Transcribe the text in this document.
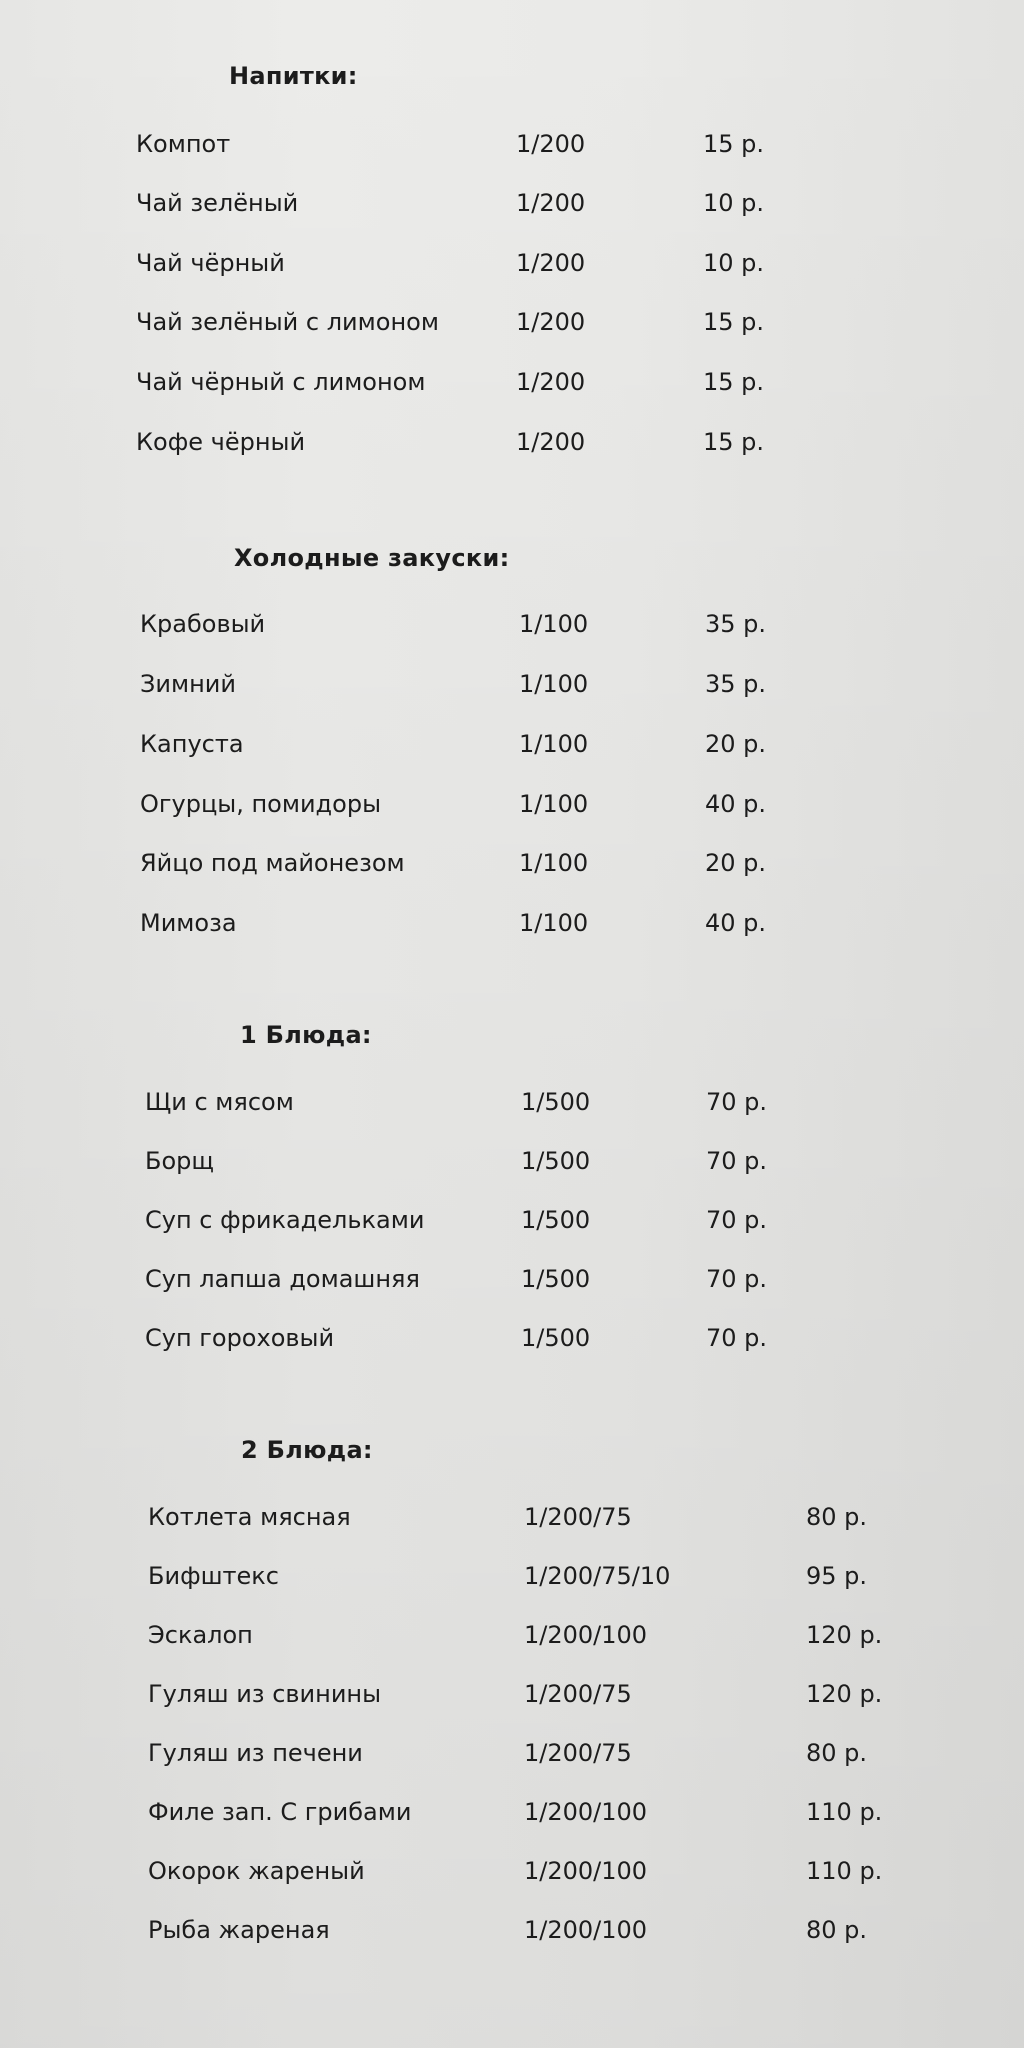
Напитки:
Компот	1/200	15 р.
Чай зелёный	1/200	10 р.
Чай чёрный	1/200	10 р.
Чай зелёный с лимоном	1/200	15 р.
Чай чёрный с лимоном	1/200	15 р.
Кофе чёрный	1/200	15 р.
Холодные закуски:
Крабовый	1/100	35 р.
Зимний	1/100	35 р.
Капуста	1/100	20 р.
Огурцы, помидоры	1/100	40 р.
Яйцо под майонезом	1/100	20 р.
Мимоза	1/100	40 р.
1 Блюда:
Щи с мясом	1/500	70 р.
Борщ	1/500	70 р.
Суп с фрикадельками	1/500	70 р.
Суп лапша домашняя	1/500	70 р.
Суп гороховый	1/500	70 р.
2 Блюда:
Котлета мясная	1/200/75	80 р.
Бифштекс	1/200/75/10	95 р.
Эскалоп	1/200/100	120 р.
Гуляш из свинины	1/200/75	120 р.
Гуляш из печени	1/200/75	80 р.
Филе зап. С грибами	1/200/100	110 р.
Окорок жареный	1/200/100	110 р.
Рыба жареная	1/200/100	80 р.
